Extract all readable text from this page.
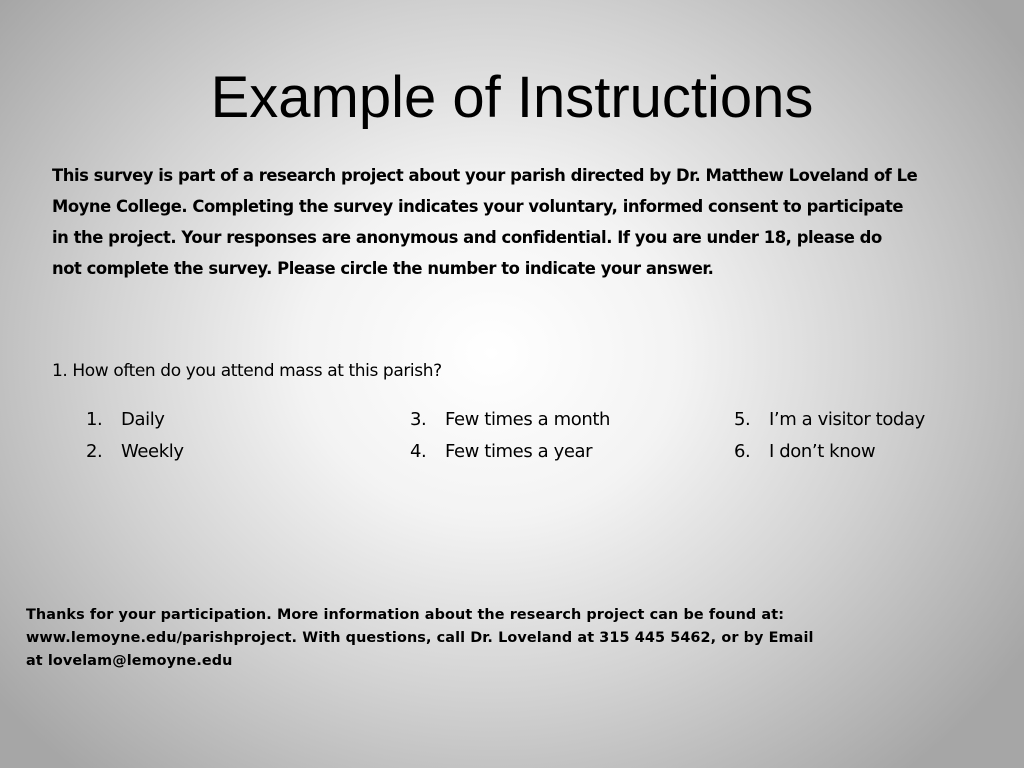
Example of Instructions

This survey is part of a research project about your parish directed by Dr. Matthew Loveland of Le
Moyne College. Completing the survey indicates your voluntary, informed consent to participate
in the project. Your responses are anonymous and confidential. If you are under 18, please do
not complete the survey. Please circle the number to indicate your answer.

1. How often do you attend mass at this parish?

1. Daily
2. Weekly
3. Few times a month
4. Few times a year
5. I’m a visitor today
6. I don’t know

Thanks for your participation. More information about the research project can be found at:
www.lemoyne.edu/parishproject. With questions, call Dr. Loveland at 315 445 5462, or by Email
at lovelam@lemoyne.edu
